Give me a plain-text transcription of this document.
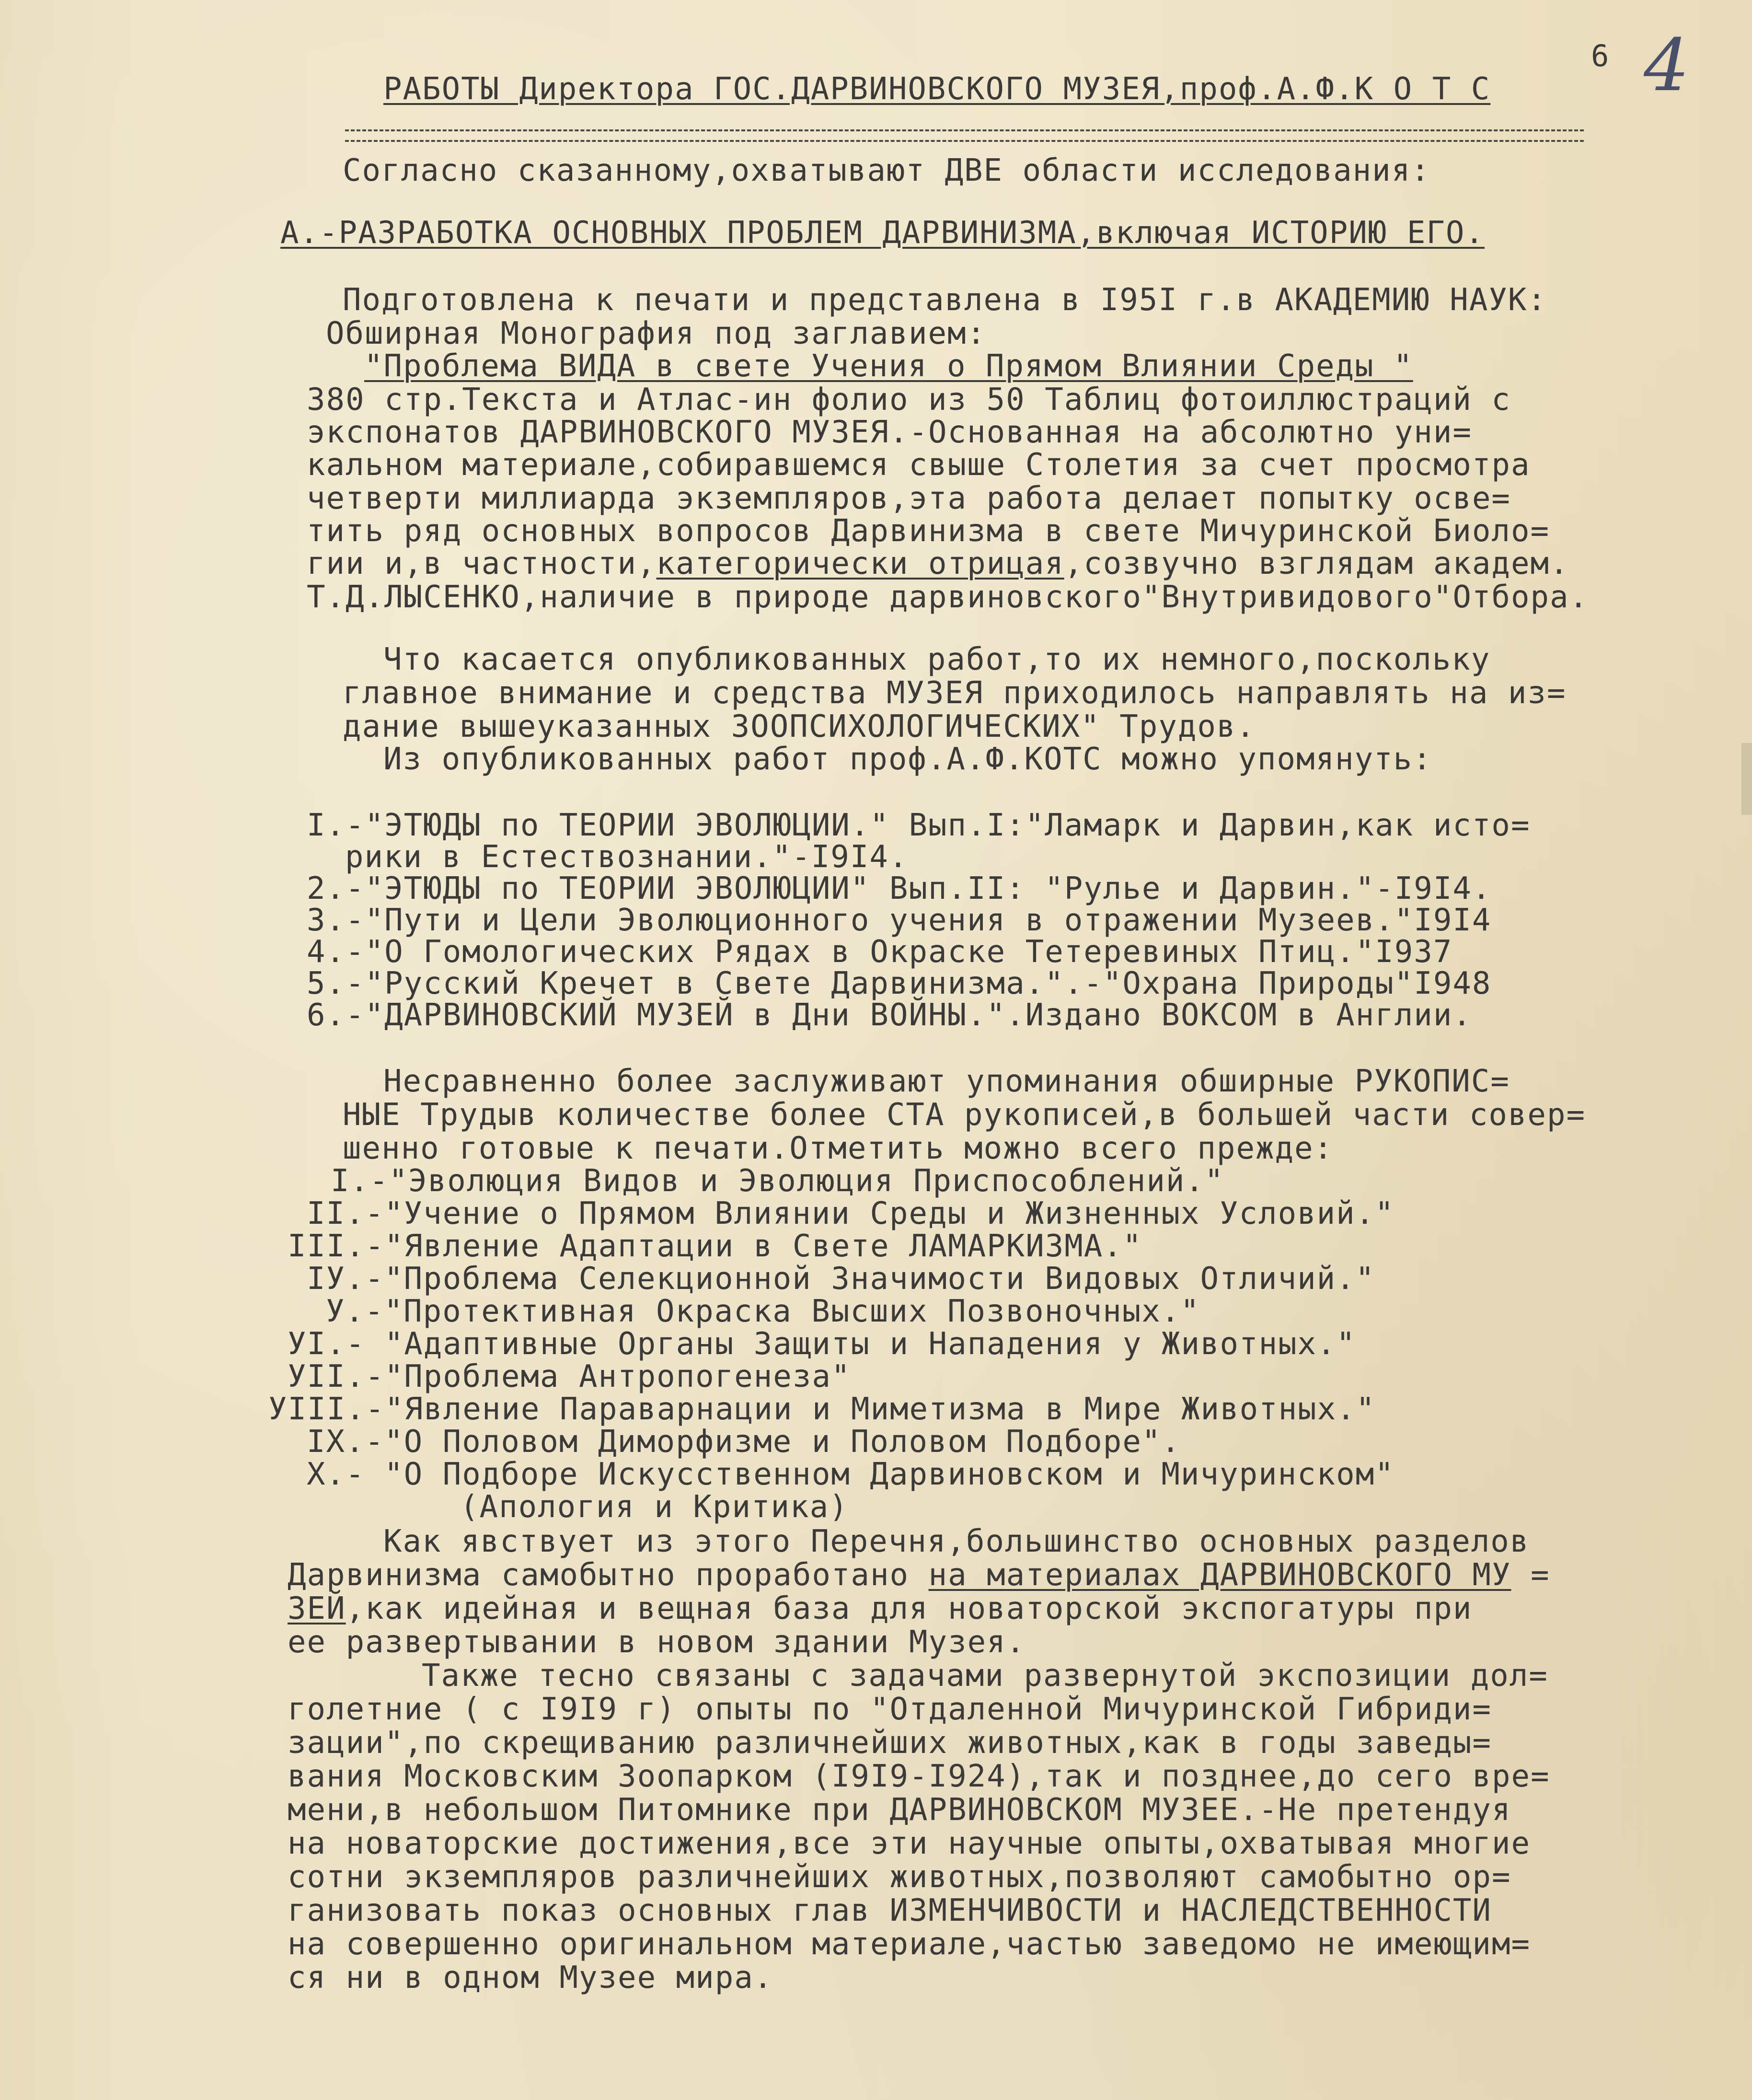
6 4
РАБОТЫ Директора ГОС.ДАРВИНОВСКОГО МУЗЕЯ,проф.А.Ф.К О Т С
Согласно сказанному,охватывают ДВЕ области исследования:
А.-РАЗРАБОТКА ОСНОВНЫХ ПРОБЛЕМ ДАРВИНИЗМА,включая ИСТОРИЮ ЕГО.
Подготовлена к печати и представлена в I95I г.в АКАДЕМИЮ НАУК:
Обширная Монография под заглавием:
"Проблема ВИДА в свете Учения о Прямом Влиянии Среды "
380 стр.Текста и Атлас-ин фолио из 50 Таблиц фотоиллюстраций с
экспонатов ДАРВИНОВСКОГО МУЗЕЯ.-Основанная на абсолютно уни=
кальном материале,собиравшемся свыше Столетия за счет просмотра
четверти миллиарда экземпляров,эта работа делает попытку осве=
тить ряд основных вопросов Дарвинизма в свете Мичуринской Биоло=
гии и,в частности,категорически отрицая,созвучно взглядам академ.
Т.Д.ЛЫСЕНКО,наличие в природе дарвиновского"Внутривидового"Отбора.
Что касается опубликованных работ,то их немного,поскольку
главное внимание и средства МУЗЕЯ приходилось направлять на из=
дание вышеуказанных ЗООПСИХОЛОГИЧЕСКИХ" Трудов.
Из опубликованных работ проф.А.Ф.КОТС можно упомянуть:
I.-"ЭТЮДЫ по ТЕОРИИ ЭВОЛЮЦИИ." Вып.I:"Ламарк и Дарвин,как исто=
рики в Естествознании."-I9I4.
2.-"ЭТЮДЫ по ТЕОРИИ ЭВОЛЮЦИИ" Вып.II: "Рулье и Дарвин."-I9I4.
3.-"Пути и Цели Эволюционного учения в отражении Музеев."I9I4
4.-"О Гомологических Рядах в Окраске Тетеревиных Птиц."I937
5.-"Русский Кречет в Свете Дарвинизма.".-"Охрана Природы"I948
6.-"ДАРВИНОВСКИЙ МУЗЕЙ в Дни ВОЙНЫ.".Издано ВОКСОМ в Англии.
Несравненно более заслуживают упоминания обширные РУКОПИС=
НЫЕ Трудыв количестве более СТА рукописей,в большей части совер=
шенно готовые к печати.Отметить можно всего прежде:
I.-"Эволюция Видов и Эволюция Приспособлений."
II.-"Учение о Прямом Влиянии Среды и Жизненных Условий."
III.-"Явление Адаптации в Свете ЛАМАРКИЗМА."
IУ.-"Проблема Селекционной Значимости Видовых Отличий."
У.-"Протективная Окраска Высших Позвоночных."
УI.- "Адаптивные Органы Защиты и Нападения у Животных."
УII.-"Проблема Антропогенеза"
УIII.-"Явление Параварнации и Миметизма в Мире Животных."
IX.-"О Половом Диморфизме и Половом Подборе".
X.- "О Подборе Искусственном Дарвиновском и Мичуринском"
(Апология и Критика)
Как явствует из этого Перечня,большинство основных разделов
Дарвинизма самобытно проработано на материалах ДАРВИНОВСКОГО МУ =
ЗЕЙ,как идейная и вещная база для новаторской экспогатуры при
ее развертывании в новом здании Музея.
Также тесно связаны с задачами развернутой экспозиции дол=
голетние ( с I9I9 г) опыты по "Отдаленной Мичуринской Гибриди=
зации",по скрещиванию различнейших животных,как в годы заведы=
вания Московским Зоопарком (I9I9-I924),так и позднее,до сего вре=
мени,в небольшом Питомнике при ДАРВИНОВСКОМ МУЗЕЕ.-Не претендуя
на новаторские достижения,все эти научные опыты,охватывая многие
сотни экземпляров различнейших животных,позволяют самобытно ор=
ганизовать показ основных глав ИЗМЕНЧИВОСТИ и НАСЛЕДСТВЕННОСТИ
на совершенно оригинальном материале,частью заведомо не имеющим=
ся ни в одном Музее мира.
